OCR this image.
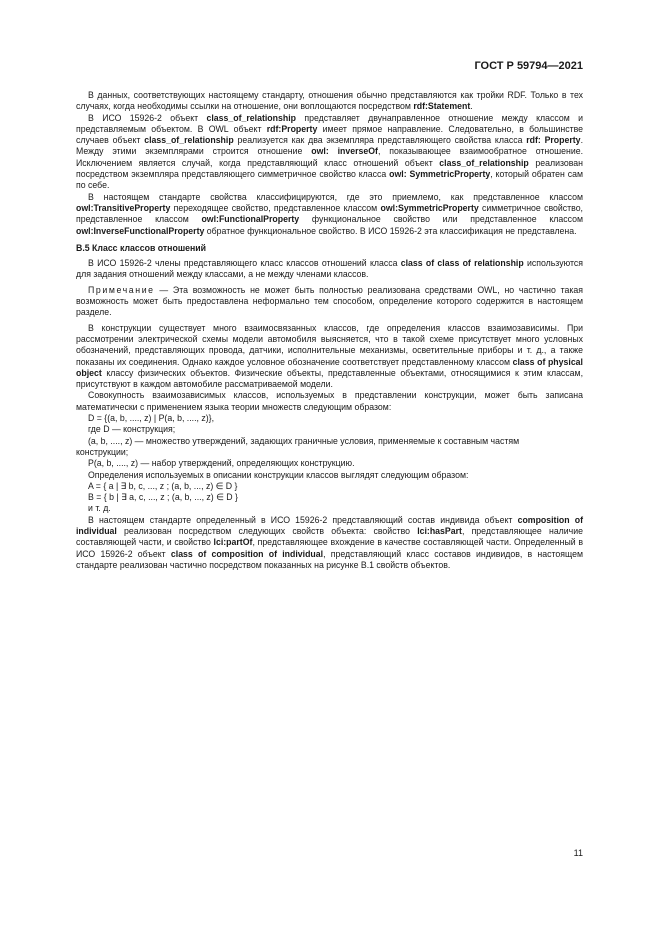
ГОСТ Р 59794—2021

В данных, соответствующих настоящему стандарту, отношения обычно представляются как тройки RDF. Только в тех случаях, когда необходимы ссылки на отношение, они воплощаются посредством rdf:Statement.

В ИСО 15926-2 объект class_of_relationship представляет двунаправленное отношение между классом и представляемым объектом. В OWL объект rdf:Property имеет прямое направление. Следовательно, в большинстве случаев объект class_of_relationship реализуется как два экземпляра представляющего свойства класса rdf: Property. Между этими экземплярами строится отношение owl: inverseOf, показывающее взаимообратное отношение. Исключением является случай, когда представляющий класс отношений объект class_of_relationship реализован посредством экземпляра представляющего симметричное свойство класса owl: SymmetricProperty, который обратен сам по себе.

В настоящем стандарте свойства классифицируются, где это приемлемо, как представленное классом owl:TransitiveProperty переходящее свойство, представленное классом owl:SymmetricProperty симметричное свойство, представленное классом owl:FunctionalProperty функциональное свойство или представленное классом owl:InverseFunctionalProperty обратное функциональное свойство. В ИСО 15926-2 эта классификация не представлена.

В.5 Класс классов отношений

В ИСО 15926-2 члены представляющего класс классов отношений класса class of class of relationship используются для задания отношений между классами, а не между членами классов.

Примечание — Эта возможность не может быть полностью реализована средствами OWL, но частично такая возможность может быть предоставлена неформально тем способом, определение которого содержится в настоящем разделе.

В конструкции существует много взаимосвязанных классов, где определения классов взаимозависимы. При рассмотрении электрической схемы модели автомобиля выясняется, что в такой схеме присутствует много условных обозначений, представляющих провода, датчики, исполнительные механизмы, осветительные приборы и т. д., а также показаны их соединения. Однако каждое условное обозначение соответствует представленному классом class of physical object классу физических объектов. Физические объекты, представленные объектами, относящимися к этим классам, присутствуют в каждом автомобиле рассматриваемой модели.

Совокупность взаимозависимых классов, используемых в представлении конструкции, может быть записана математически с применением языка теории множеств следующим образом:

D = {(a, b, ...., z) | P(a, b, ...., z)},

где D — конструкция;

(a, b, ...., z) — множество утверждений, задающих граничные условия, применяемые к составным частям

конструкции;

P(a, b, ...., z) — набор утверждений, определяющих конструкцию.

Определения используемых в описании конструкции классов выглядят следующим образом:

A = { a | ∃ b, c, ..., z ; (a, b, ..., z) ∈ D }

B = { b | ∃ a, c, ..., z ; (a, b, ..., z) ∈ D }

и т. д.

В настоящем стандарте определенный в ИСО 15926-2 представляющий состав индивида объект composition of individual реализован посредством следующих свойств объекта: свойство lci:hasPart, представляющее наличие составляющей части, и свойство lci:partOf, представляющее вхождение в качестве составляющей части. Определенный в ИСО 15926-2 объект class of composition of individual, представляющий класс составов индивидов, в настоящем стандарте реализован частично посредством показанных на рисунке В.1 свойств объектов.

11
